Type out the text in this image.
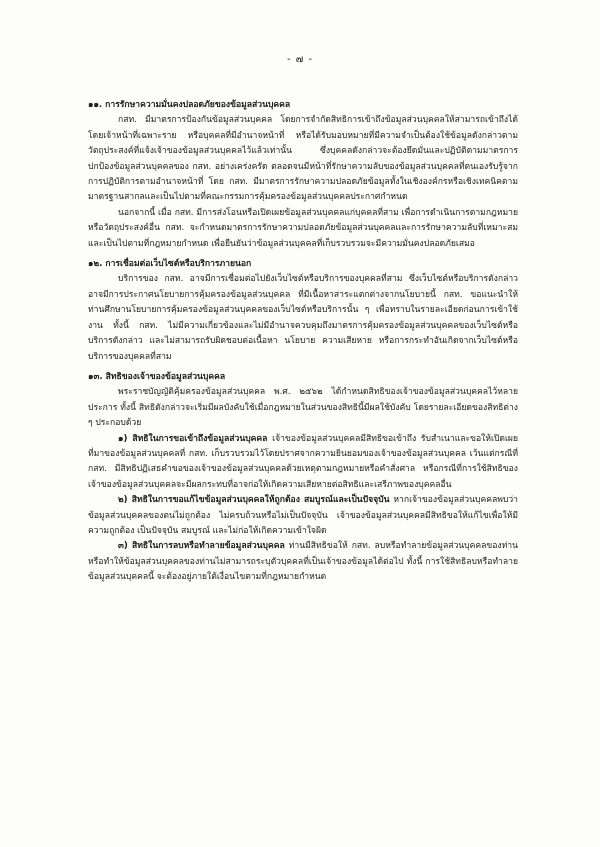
- ๗ -

๑๑. การรักษาความมั่นคงปลอดภัยของข้อมูลส่วนบุคคล

กสท. มีมาตรการป้องกันข้อมูลส่วนบุคคล โดยการจำกัดสิทธิการเข้าถึงข้อมูลส่วนบุคคลให้สามารถเข้าถึงได้โดยเจ้าหน้าที่เฉพาะราย หรือบุคคลที่มีอำนาจหน้าที่ หรือได้รับมอบหมายที่มีความจำเป็นต้องใช้ข้อมูลดังกล่าวตามวัตถุประสงค์ที่แจ้งเจ้าของข้อมูลส่วนบุคคลไว้แล้วเท่านั้น ซึ่งบุคคลดังกล่าวจะต้องยึดมั่นและปฏิบัติตามมาตรการปกป้องข้อมูลส่วนบุคคลของ กสท. อย่างเคร่งครัด ตลอดจนมีหน้าที่รักษาความลับของข้อมูลส่วนบุคคลที่ตนเองรับรู้จากการปฏิบัติการตามอำนาจหน้าที่ โดย กสท. มีมาตรการรักษาความปลอดภัยข้อมูลทั้งในเชิงองค์กรหรือเชิงเทคนิคตามมาตรฐานสากลและเป็นไปตามที่คณะกรรมการคุ้มครองข้อมูลส่วนบุคคลประกาศกำหนด

นอกจากนี้ เมื่อ กสท. มีการส่งโอนหรือเปิดเผยข้อมูลส่วนบุคคลแก่บุคคลที่สาม เพื่อการดำเนินการตามกฎหมายหรือวัตถุประสงค์อื่น กสท. จะกำหนดมาตรการรักษาความปลอดภัยข้อมูลส่วนบุคคลและการรักษาความลับที่เหมาะสมและเป็นไปตามที่กฎหมายกำหนด เพื่อยืนยันว่าข้อมูลส่วนบุคคลที่เก็บรวบรวมจะมีความมั่นคงปลอดภัยเสมอ

๑๒. การเชื่อมต่อเว็บไซต์หรือบริการภายนอก

บริการของ กสท. อาจมีการเชื่อมต่อไปยังเว็บไซต์หรือบริการของบุคคลที่สาม ซึ่งเว็บไซต์หรือบริการดังกล่าว อาจมีการประกาศนโยบายการคุ้มครองข้อมูลส่วนบุคคล ที่มีเนื้อหาสาระแตกต่างจากนโยบายนี้ กสท. ขอแนะนำให้ท่านศึกษานโยบายการคุ้มครองข้อมูลส่วนบุคคลของเว็บไซต์หรือบริการนั้น ๆ เพื่อทราบในรายละเอียดก่อนการเข้าใช้งาน ทั้งนี้ กสท. ไม่มีความเกี่ยวข้องและไม่มีอำนาจควบคุมถึงมาตรการคุ้มครองข้อมูลส่วนบุคคลของเว็บไซต์หรือบริการดังกล่าว และไม่สามารถรับผิดชอบต่อเนื้อหา นโยบาย ความเสียหาย หรือการกระทำอันเกิดจากเว็บไซต์หรือบริการของบุคคลที่สาม

๑๓. สิทธิของเจ้าของข้อมูลส่วนบุคคล

พระราชบัญญัติคุ้มครองข้อมูลส่วนบุคคล พ.ศ. ๒๕๖๒ ได้กำหนดสิทธิของเจ้าของข้อมูลส่วนบุคคลไว้หลายประการ ทั้งนี้ สิทธิดังกล่าวจะเริ่มมีผลบังคับใช้เมื่อกฎหมายในส่วนของสิทธินี้มีผลใช้บังคับ โดยรายละเอียดของสิทธิต่าง ๆ ประกอบด้วย

๑) สิทธิในการขอเข้าถึงข้อมูลส่วนบุคคล เจ้าของข้อมูลส่วนบุคคลมีสิทธิขอเข้าถึง รับสำเนาและขอให้เปิดเผยที่มาของข้อมูลส่วนบุคคลที่ กสท. เก็บรวบรวมไว้โดยปราศจากความยินยอมของเจ้าของข้อมูลส่วนบุคคล เว้นแต่กรณีที่ กสท. มีสิทธิปฏิเสธคำขอของเจ้าของข้อมูลส่วนบุคคลด้วยเหตุตามกฎหมายหรือคำสั่งศาล หรือกรณีที่การใช้สิทธิของเจ้าของข้อมูลส่วนบุคคลจะมีผลกระทบที่อาจก่อให้เกิดความเสียหายต่อสิทธิและเสรีภาพของบุคคลอื่น

๒) สิทธิในการขอแก้ไขข้อมูลส่วนบุคคลให้ถูกต้อง สมบูรณ์และเป็นปัจจุบัน หากเจ้าของข้อมูลส่วนบุคคลพบว่าข้อมูลส่วนบุคคลของตนไม่ถูกต้อง ไม่ครบถ้วนหรือไม่เป็นปัจจุบัน เจ้าของข้อมูลส่วนบุคคลมีสิทธิขอให้แก้ไขเพื่อให้มีความถูกต้อง เป็นปัจจุบัน สมบูรณ์ และไม่ก่อให้เกิดความเข้าใจผิด

๓) สิทธิในการลบหรือทำลายข้อมูลส่วนบุคคล ท่านมีสิทธิขอให้ กสท. ลบหรือทำลายข้อมูลส่วนบุคคลของท่าน หรือทำให้ข้อมูลส่วนบุคคลของท่านไม่สามารถระบุตัวบุคคลที่เป็นเจ้าของข้อมูลได้ต่อไป ทั้งนี้ การใช้สิทธิลบหรือทำลายข้อมูลส่วนบุคคลนี้ จะต้องอยู่ภายใต้เงื่อนไขตามที่กฎหมายกำหนด
